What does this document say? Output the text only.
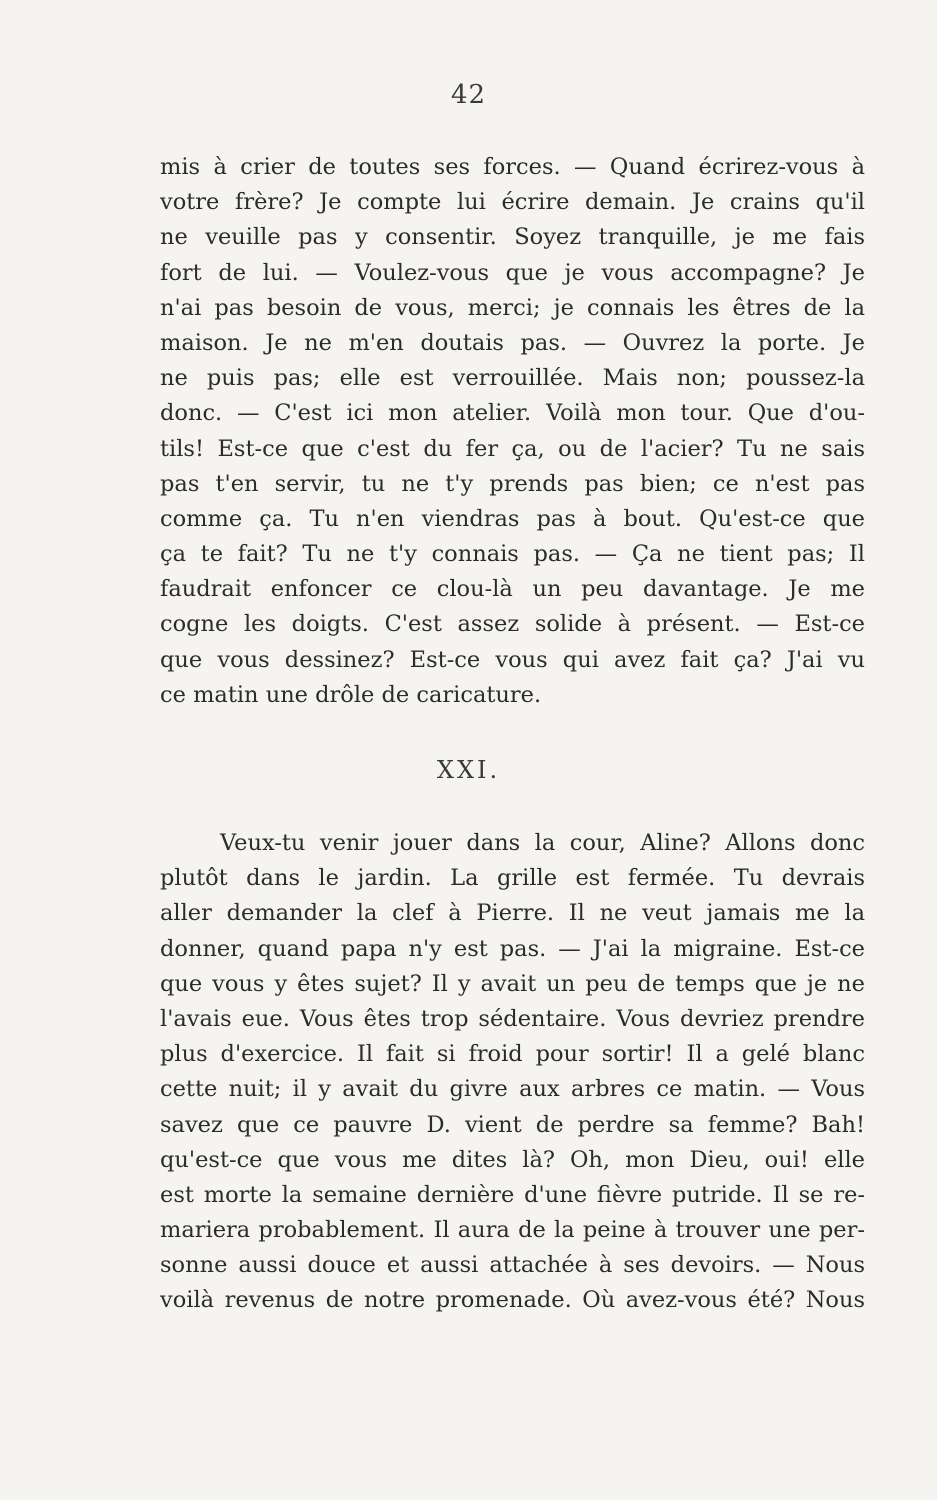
42
mis à crier de toutes ses forces. — Quand écrirez-vous à
votre frère? Je compte lui écrire demain. Je crains qu'il
ne veuille pas y consentir. Soyez tranquille, je me fais
fort de lui. — Voulez-vous que je vous accompagne? Je
n'ai pas besoin de vous, merci; je connais les êtres de la
maison. Je ne m'en doutais pas. — Ouvrez la porte. Je
ne puis pas; elle est verrouillée. Mais non; poussez-la
donc. — C'est ici mon atelier. Voilà mon tour. Que d'ou-
tils! Est-ce que c'est du fer ça, ou de l'acier? Tu ne sais
pas t'en servir, tu ne t'y prends pas bien; ce n'est pas
comme ça. Tu n'en viendras pas à bout. Qu'est-ce que
ça te fait? Tu ne t'y connais pas. — Ça ne tient pas; Il
faudrait enfoncer ce clou-là un peu davantage. Je me
cogne les doigts. C'est assez solide à présent. — Est-ce
que vous dessinez? Est-ce vous qui avez fait ça? J'ai vu
ce matin une drôle de caricature.
XXI.
Veux-tu venir jouer dans la cour, Aline? Allons donc
plutôt dans le jardin. La grille est fermée. Tu devrais
aller demander la clef à Pierre. Il ne veut jamais me la
donner, quand papa n'y est pas. — J'ai la migraine. Est-ce
que vous y êtes sujet? Il y avait un peu de temps que je ne
l'avais eue. Vous êtes trop sédentaire. Vous devriez prendre
plus d'exercice. Il fait si froid pour sortir! Il a gelé blanc
cette nuit; il y avait du givre aux arbres ce matin. — Vous
savez que ce pauvre D. vient de perdre sa femme? Bah!
qu'est-ce que vous me dites là? Oh, mon Dieu, oui! elle
est morte la semaine dernière d'une fièvre putride. Il se re-
mariera probablement. Il aura de la peine à trouver une per-
sonne aussi douce et aussi attachée à ses devoirs. — Nous
voilà revenus de notre promenade. Où avez-vous été? Nous
